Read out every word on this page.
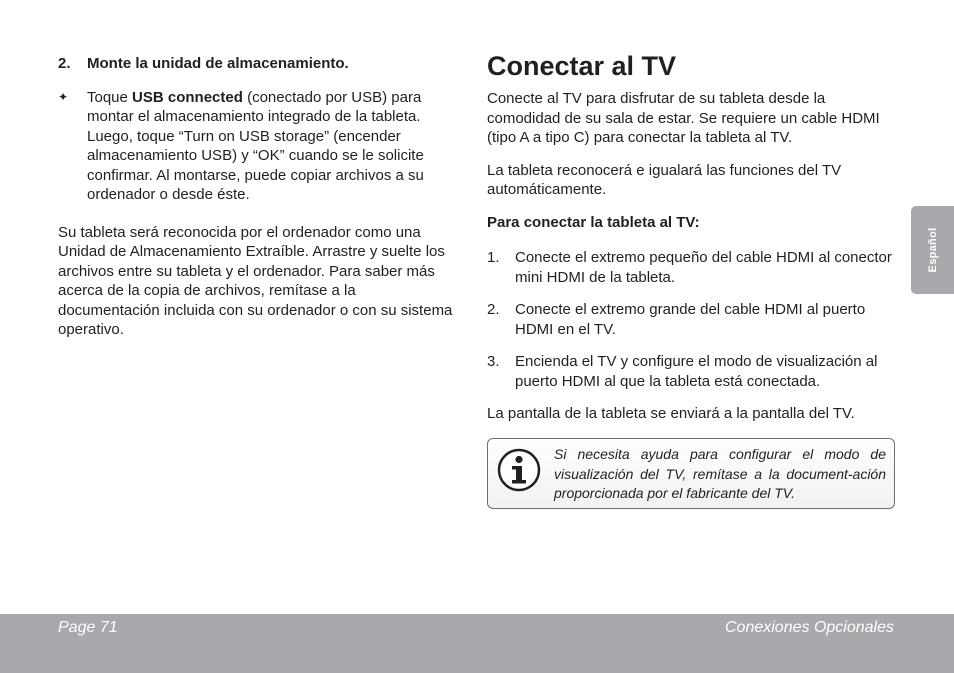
2.	Monte la unidad de almacenamiento.
✦	Toque USB connected (conectado por USB) para montar el almacenamiento integrado de la tableta. Luego, toque “Turn on USB storage” (encender almacenamiento USB) y “OK” cuando se le solicite confirmar. Al montarse, puede copiar archivos a su ordenador o desde éste.

Su tableta será reconocida por el ordenador como una Unidad de Almacenamiento Extraíble. Arrastre y suelte los archivos entre su tableta y el ordenador. Para saber más acerca de la copia de archivos, remítase a la documentación incluida con su ordenador o con su sistema operativo.

Conectar al TV

Conecte al TV para disfrutar de su tableta desde la comodidad de su sala de estar. Se requiere un cable HDMI (tipo A a tipo C) para conectar la tableta al TV.

La tableta reconocerá e igualará las funciones del TV automáticamente.

Para conectar la tableta al TV:

1.	Conecte el extremo pequeño del cable HDMI al conector mini HDMI de la tableta.
2.	Conecte el extremo grande del cable HDMI al puerto HDMI en el TV.
3.	Encienda el TV y configure el modo de visualización al puerto HDMI al que la tableta está conectada.

La pantalla de la tableta se enviará a la pantalla del TV.

Si necesita ayuda para configurar el modo de visualización del TV, remítase a la document-ación proporcionada por el fabricante del TV.
Español
Page 71	Conexiones Opcionales
